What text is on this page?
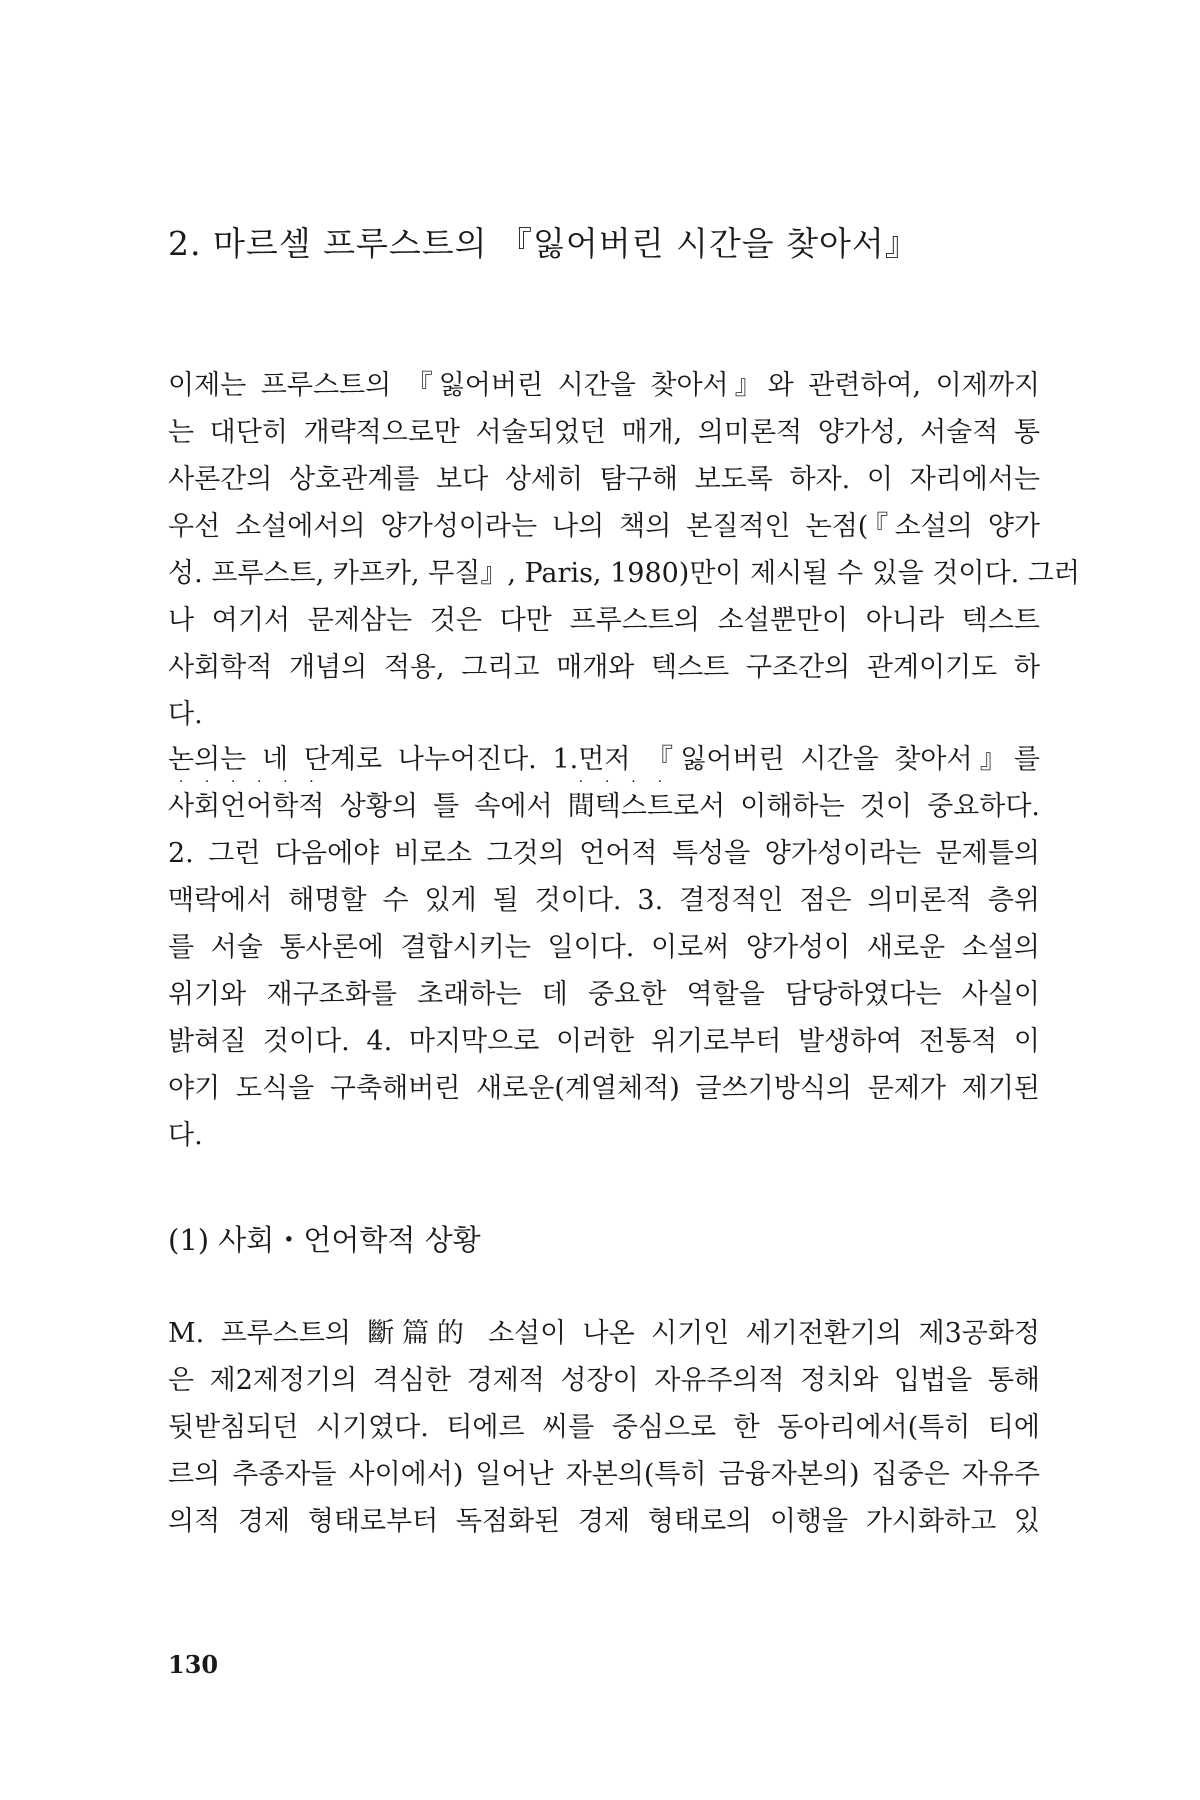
2. 마르셀 프루스트의 『잃어버린 시간을 찾아서』
이제는 프루스트의 『잃어버린 시간을 찾아서』와 관련하여, 이제까지
는 대단히 개략적으로만 서술되었던 매개, 의미론적 양가성, 서술적 통
사론간의 상호관계를 보다 상세히 탐구해 보도록 하자. 이 자리에서는
우선 소설에서의 양가성이라는 나의 책의 본질적인 논점(『소설의 양가
성. 프루스트, 카프카, 무질』, Paris, 1980)만이 제시될 수 있을 것이다. 그러
나 여기서 문제삼는 것은 다만 프루스트의 소설뿐만이 아니라 텍스트
사회학적 개념의 적용, 그리고 매개와 텍스트 구조간의 관계이기도 하
다.
논의는 네 단계로 나누어진다. 1.먼저 『잃어버린 시간을 찾아서』를
· · · · · ·
사회언어학적 상황의 틀 속에서
· · · ·
間텍스트로서 이해하는 것이 중요하다.
2. 그런 다음에야 비로소 그것의 언어적 특성을 양가성이라는 문제틀의
맥락에서 해명할 수 있게 될 것이다. 3. 결정적인 점은 의미론적 층위
를 서술 통사론에 결합시키는 일이다. 이로써 양가성이 새로운 소설의
위기와 재구조화를 초래하는 데 중요한 역할을 담당하였다는 사실이
밝혀질 것이다. 4. 마지막으로 이러한 위기로부터 발생하여 전통적 이
야기 도식을 구축해버린 새로운(계열체적) 글쓰기방식의 문제가 제기된
다.
(1) 사회・언어학적 상황
M. 프루스트의 斷篇的 소설이 나온 시기인 세기전환기의 제3공화정
은 제2제정기의 격심한 경제적 성장이 자유주의적 정치와 입법을 통해
뒷받침되던 시기였다. 티에르 씨를 중심으로 한 동아리에서(특히 티에
르의 추종자들 사이에서) 일어난 자본의(특히 금융자본의) 집중은 자유주
의적 경제 형태로부터 독점화된 경제 형태로의 이행을 가시화하고 있
130
